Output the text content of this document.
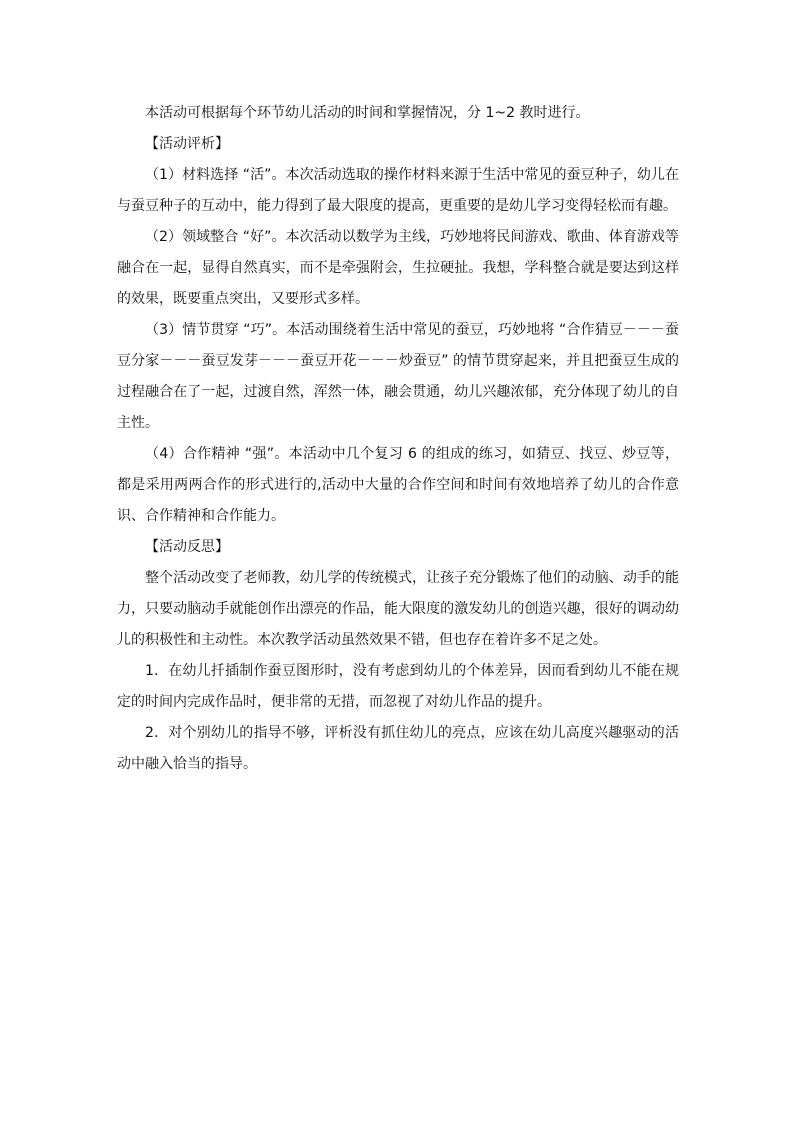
本活动可根据每个环节幼儿活动的时间和掌握情况，分 1~2 教时进行。

【活动评析】

（1）材料选择 “活”。本次活动选取的操作材料来源于生活中常见的蚕豆种子，幼儿在与蚕豆种子的互动中，能力得到了最大限度的提高，更重要的是幼儿学习变得轻松而有趣。

（2）领域整合 “好”。本次活动以数学为主线，巧妙地将民间游戏、歌曲、体育游戏等融合在一起，显得自然真实，而不是牵强附会，生拉硬扯。我想，学科整合就是要达到这样的效果，既要重点突出，又要形式多样。

（3）情节贯穿 “巧”。本活动围绕着生活中常见的蚕豆，巧妙地将 “合作猜豆－－－蚕豆分家－－－蚕豆发芽－－－蚕豆开花－－－炒蚕豆” 的情节贯穿起来，并且把蚕豆生成的过程融合在了一起，过渡自然，浑然一体，融会贯通，幼儿兴趣浓郁，充分体现了幼儿的自主性。

（4）合作精神 “强”。本活动中几个复习 6 的组成的练习，如猜豆、找豆、炒豆等，都是采用两两合作的形式进行的,活动中大量的合作空间和时间有效地培养了幼儿的合作意识、合作精神和合作能力。

【活动反思】

整个活动改变了老师教，幼儿学的传统模式，让孩子充分锻炼了他们的动脑、动手的能力，只要动脑动手就能创作出漂亮的作品，能大限度的激发幼儿的创造兴趣，很好的调动幼儿的积极性和主动性。本次教学活动虽然效果不错，但也存在着许多不足之处。

1．在幼儿扦插制作蚕豆图形时，没有考虑到幼儿的个体差异，因而看到幼儿不能在规定的时间内完成作品时，便非常的无措，而忽视了对幼儿作品的提升。

2．对个别幼儿的指导不够，评析没有抓住幼儿的亮点，应该在幼儿高度兴趣驱动的活动中融入恰当的指导。
